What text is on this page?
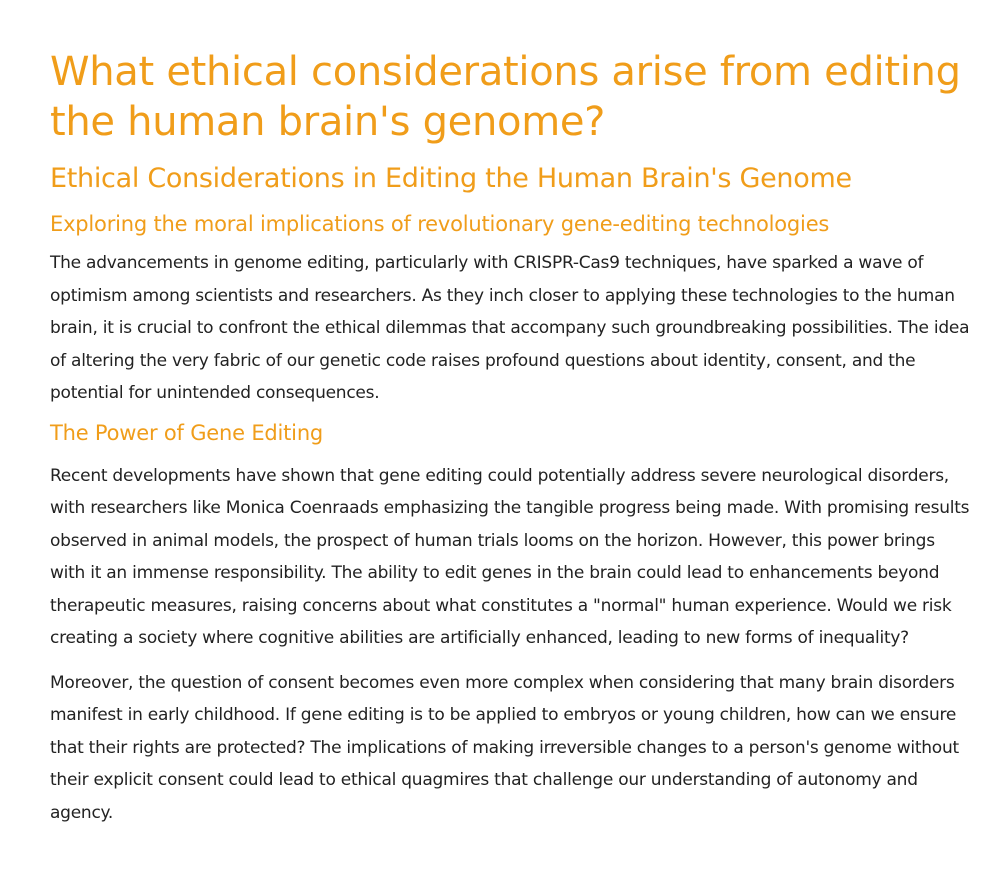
What ethical considerations arise from editing the human brain's genome?
Ethical Considerations in Editing the Human Brain's Genome
Exploring the moral implications of revolutionary gene-editing technologies

The advancements in genome editing, particularly with CRISPR-Cas9 techniques, have sparked a wave of optimism among scientists and researchers. As they inch closer to applying these technologies to the human brain, it is crucial to confront the ethical dilemmas that accompany such groundbreaking possibilities. The idea of altering the very fabric of our genetic code raises profound questions about identity, consent, and the potential for unintended consequences.

The Power of Gene Editing

Recent developments have shown that gene editing could potentially address severe neurological disorders, with researchers like Monica Coenraads emphasizing the tangible progress being made. With promising results observed in animal models, the prospect of human trials looms on the horizon. However, this power brings with it an immense responsibility. The ability to edit genes in the brain could lead to enhancements beyond therapeutic measures, raising concerns about what constitutes a "normal" human experience. Would we risk creating a society where cognitive abilities are artificially enhanced, leading to new forms of inequality?

Moreover, the question of consent becomes even more complex when considering that many brain disorders manifest in early childhood. If gene editing is to be applied to embryos or young children, how can we ensure that their rights are protected? The implications of making irreversible changes to a person's genome without their explicit consent could lead to ethical quagmires that challenge our understanding of autonomy and agency.
